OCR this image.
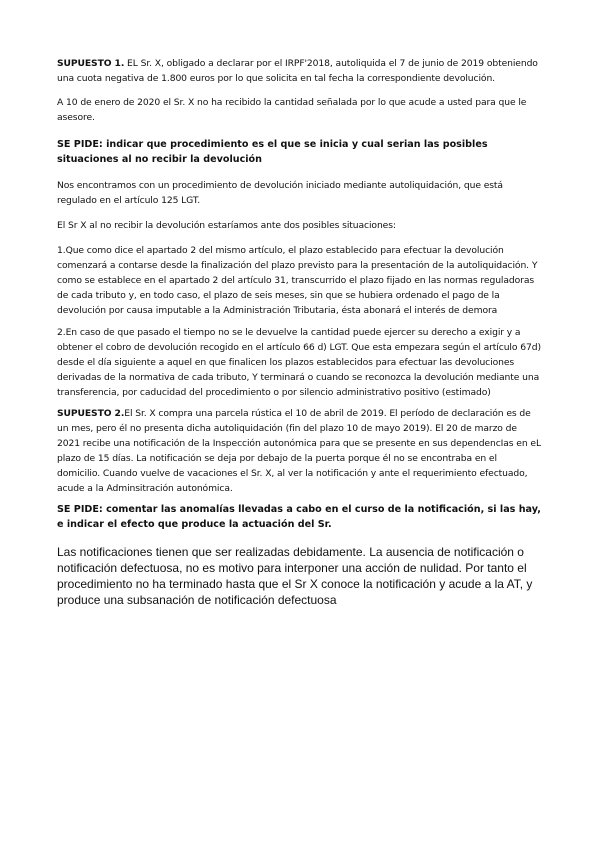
SUPUESTO 1. EL Sr. X, obligado a declarar por el IRPF'2018, autoliquida el 7 de junio de 2019 obteniendo una cuota negativa de 1.800 euros por lo que solicita en tal fecha la correspondiente devolución.

A 10 de enero de 2020 el Sr. X no ha recibido la cantidad señalada por lo que acude a usted para que le asesore.

SE PIDE: indicar que procedimiento es el que se inicia y cual serian las posibles situaciones al no recibir la devolución

Nos encontramos con un procedimiento de devolución iniciado mediante autoliquidación, que está regulado en el artículo 125 LGT.

El Sr X al no recibir la devolución estaríamos ante dos posibles situaciones:

1.Que como dice el apartado 2 del mismo artículo, el plazo establecido para efectuar la devolución comenzará a contarse desde la finalización del plazo previsto para la presentación de la autoliquidación. Y como se establece en el apartado 2 del artículo 31, transcurrido el plazo fijado en las normas reguladoras de cada tributo y, en todo caso, el plazo de seis meses, sin que se hubiera ordenado el pago de la devolución por causa imputable a la Administración Tributaria, ésta abonará el interés de demora

2.En caso de que pasado el tiempo no se le devuelve la cantidad puede ejercer su derecho a exigir y a obtener el cobro de devolución recogido en el artículo 66 d) LGT. Que esta empezara según el artículo 67d) desde el día siguiente a aquel en que finalicen los plazos establecidos para efectuar las devoluciones derivadas de la normativa de cada tributo, Y terminará o cuando se reconozca la devolución mediante una transferencia, por caducidad del procedimiento o por silencio administrativo positivo (estimado)

SUPUESTO 2.El Sr. X compra una parcela rústica el 10 de abril de 2019. El período de declaración es de un mes, pero él no presenta dicha autoliquidación (fin del plazo 10 de mayo 2019). El 20 de marzo de 2021 recibe una notificación de la Inspección autonómica para que se presente en sus dependencIas en eL plazo de 15 días. La notificación se deja por debajo de la puerta porque él no se encontraba en el domicilio. Cuando vuelve de vacaciones el Sr. X, al ver la notificación y ante el requerimiento efectuado, acude a la Adminsitración autonómica.

SE PIDE: comentar las anomalías llevadas a cabo en el curso de la notificación, si las hay, e indicar el efecto que produce la actuación del Sr.

Las notificaciones tienen que ser realizadas debidamente. La ausencia de notificación o notificación defectuosa, no es motivo para interponer una acción de nulidad. Por tanto el procedimiento no ha terminado hasta que el Sr X conoce la notificación y acude a la AT, y produce una subsanación de notificación defectuosa
